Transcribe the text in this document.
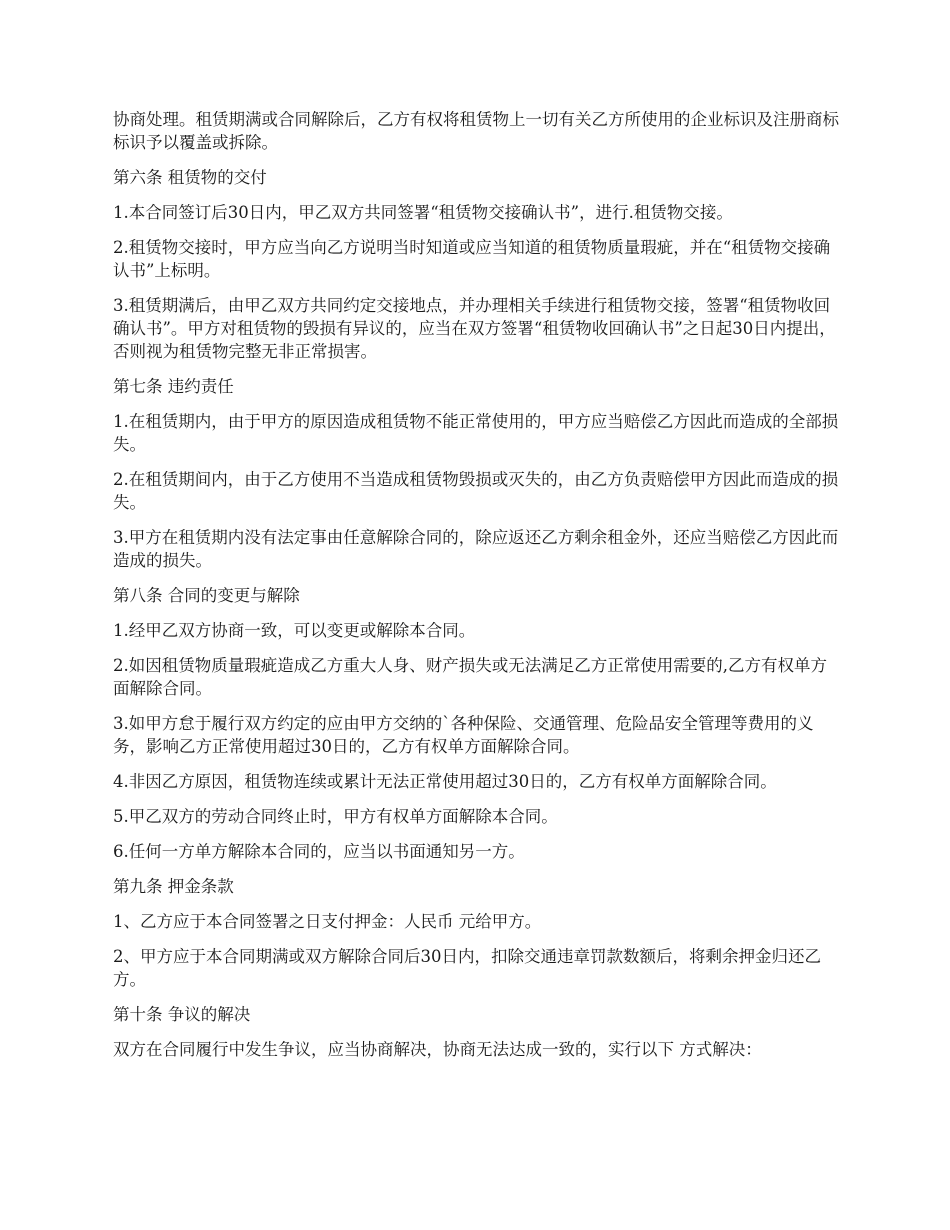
协商处理。租赁期满或合同解除后，乙方有权将租赁物上一切有关乙方所使用的企业标识及注册商标标识予以覆盖或拆除。

第六条 租赁物的交付

1.本合同签订后30日内，甲乙双方共同签署“租赁物交接确认书”，进行.租赁物交接。

2.租赁物交接时，甲方应当向乙方说明当时知道或应当知道的租赁物质量瑕疵，并在“租赁物交接确认书”上标明。

3.租赁期满后，由甲乙双方共同约定交接地点，并办理相关手续进行租赁物交接，签署“租赁物收回确认书”。甲方对租赁物的毁损有异议的，应当在双方签署“租赁物收回确认书”之日起30日内提出，否则视为租赁物完整无非正常损害。

第七条 违约责任

1.在租赁期内，由于甲方的原因造成租赁物不能正常使用的，甲方应当赔偿乙方因此而造成的全部损失。

2.在租赁期间内，由于乙方使用不当造成租赁物毁损或灭失的，由乙方负责赔偿甲方因此而造成的损失。

3.甲方在租赁期内没有法定事由任意解除合同的，除应返还乙方剩余租金外，还应当赔偿乙方因此而造成的损失。

第八条 合同的变更与解除

1.经甲乙双方协商一致，可以变更或解除本合同。

2.如因租赁物质量瑕疵造成乙方重大人身、财产损失或无法满足乙方正常使用需要的,乙方有权单方面解除合同。

3.如甲方怠于履行双方约定的应由甲方交纳的`各种保险、交通管理、危险品安全管理等费用的义务，影响乙方正常使用超过30日的，乙方有权单方面解除合同。

4.非因乙方原因，租赁物连续或累计无法正常使用超过30日的，乙方有权单方面解除合同。

5.甲乙双方的劳动合同终止时，甲方有权单方面解除本合同。

6.任何一方单方解除本合同的，应当以书面通知另一方。

第九条 押金条款

1、乙方应于本合同签署之日支付押金：人民币 元给甲方。

2、甲方应于本合同期满或双方解除合同后30日内，扣除交通违章罚款数额后，将剩余押金归还乙方。

第十条 争议的解决

双方在合同履行中发生争议，应当协商解决，协商无法达成一致的，实行以下 方式解决：
